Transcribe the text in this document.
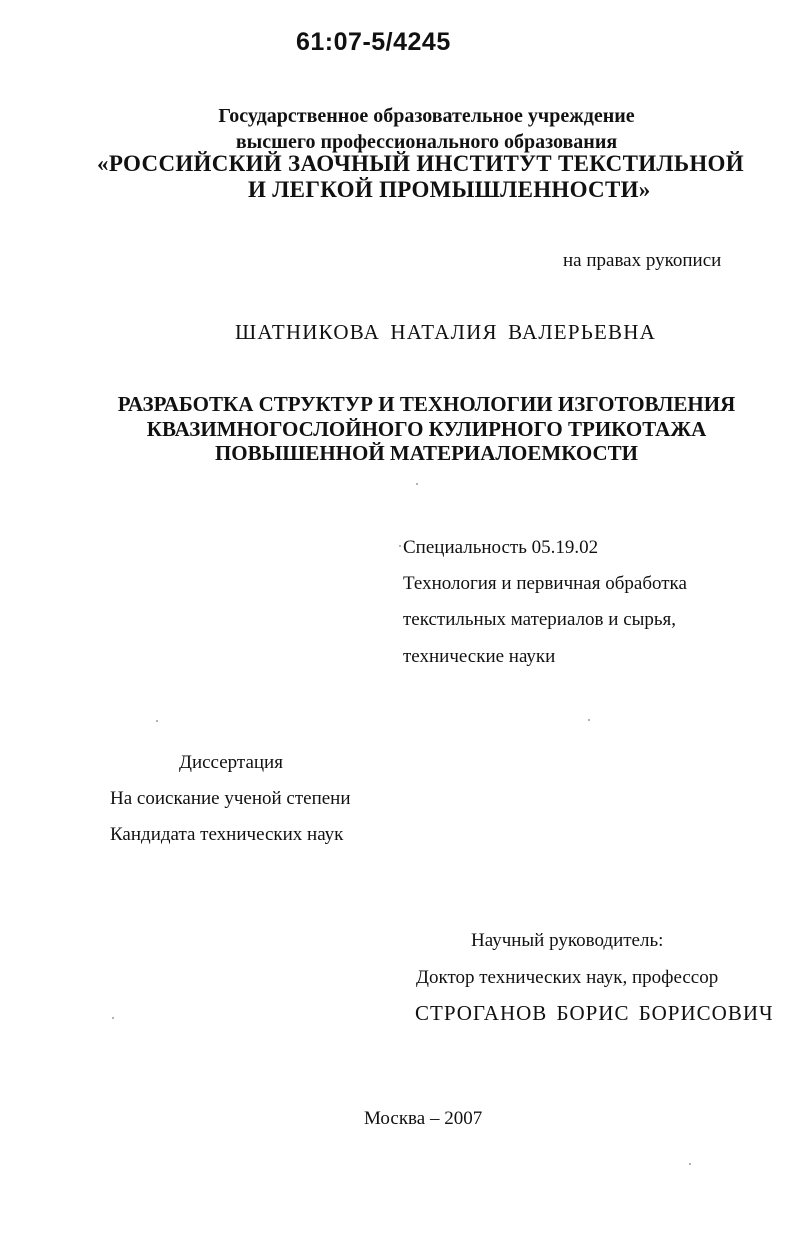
61:07-5/4245
Государственное образовательное учреждение
высшего профессионального образования
«РОССИЙСКИЙ ЗАОЧНЫЙ ИНСТИТУТ ТЕКСТИЛЬНОЙ
И ЛЕГКОЙ ПРОМЫШЛЕННОСТИ»
на правах рукописи
ШАТНИКОВА НАТАЛИЯ ВАЛЕРЬЕВНА
РАЗРАБОТКА СТРУКТУР И ТЕХНОЛОГИИ ИЗГОТОВЛЕНИЯ
КВАЗИМНОГОСЛОЙНОГО КУЛИРНОГО ТРИКОТАЖА
ПОВЫШЕННОЙ МАТЕРИАЛОЕМКОСТИ
Специальность 05.19.02
Технология и первичная обработка
текстильных материалов и сырья,
технические науки
Диссертация
На соискание ученой степени
Кандидата технических наук
Научный руководитель:
Доктор технических наук, профессор
СТРОГАНОВ БОРИС БОРИСОВИЧ
Москва – 2007
